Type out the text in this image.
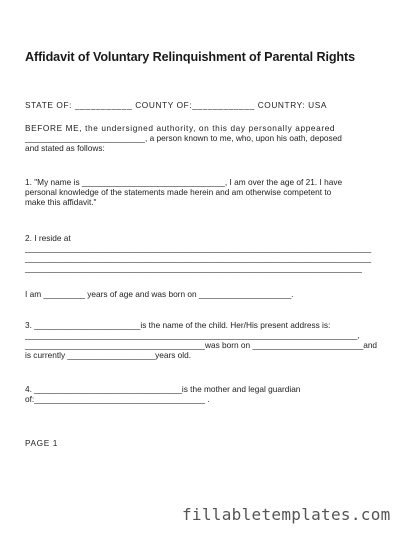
Affidavit of Voluntary Relinquishment of Parental Rights
STATE OF: ___________ COUNTY OF:____________ COUNTRY: USA
BEFORE ME, the undersigned authority, on this day personally appeared
__________________________, a person known to me, who, upon his oath, deposed
and stated as follows:
1. "My name is _______________________________, I am over the age of 21. I have
personal knowledge of the statements made herein and am otherwise competent to
make this affidavit."
2. I reside at
___________________________________________________________________________
___________________________________________________________________________
_________________________________________________________________________
I am _________ years of age and was born on ____________________.
3. _______________________is the name of the child. Her/His present address is:
________________________________________________________________________,
_______________________________________was born on ________________________and
is currently ___________________years old.
4. ________________________________is the mother and legal guardian
of:_____________________________________ .
PAGE 1
fillabletemplates.com
